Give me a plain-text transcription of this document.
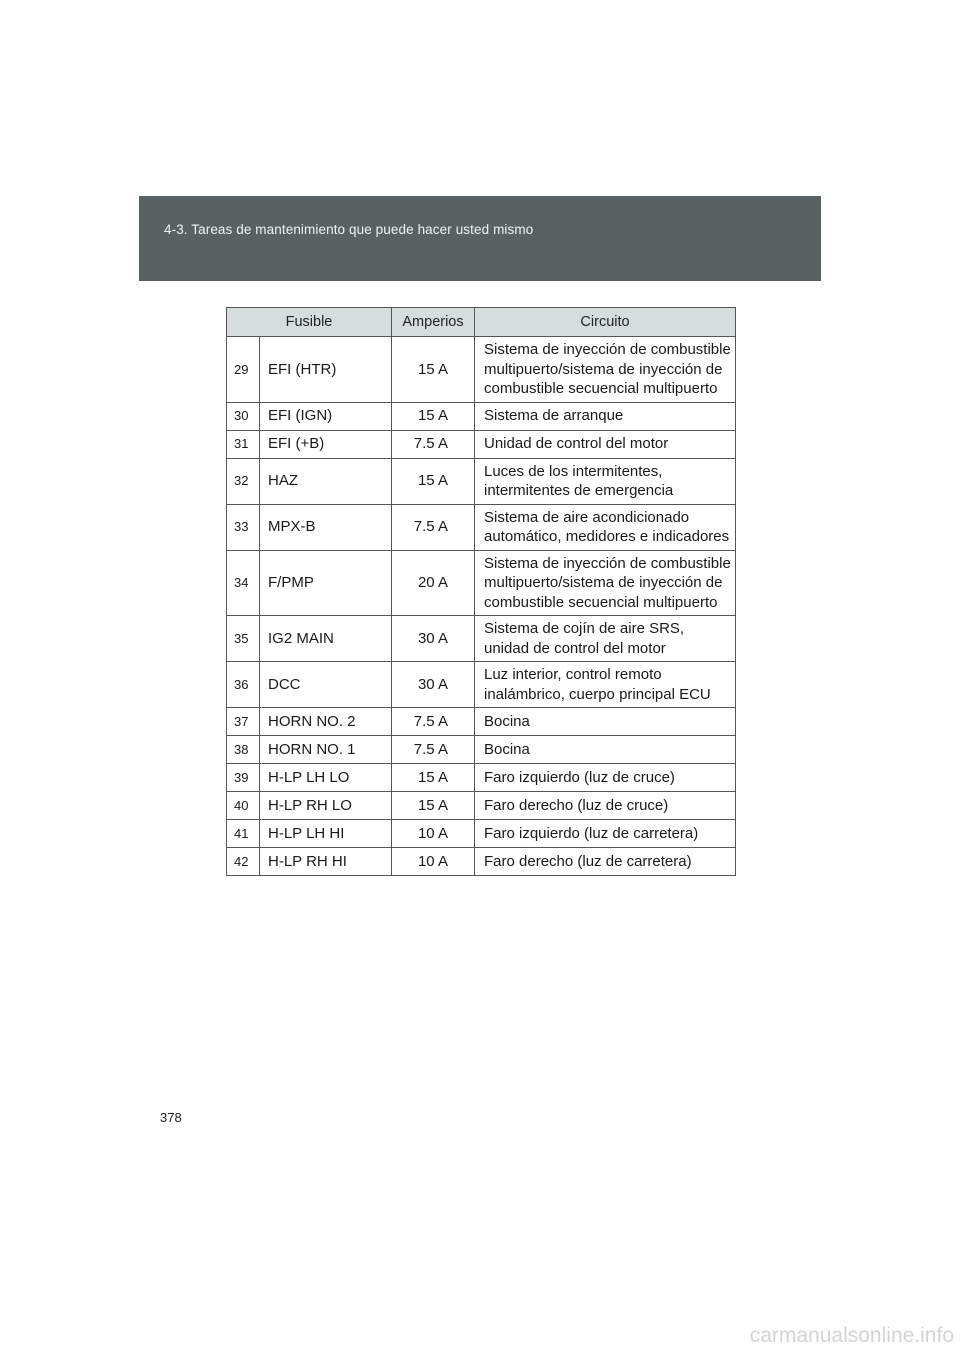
4-3. Tareas de mantenimiento que puede hacer usted mismo
Fusible		Amperios	Circuito
29	EFI (HTR)	15 A	Sistema de inyección de combustible multipuerto/sistema de inyección de combustible secuencial multipuerto
30	EFI (IGN)	15 A	Sistema de arranque
31	EFI (+B)	7.5 A	Unidad de control del motor
32	HAZ	15 A	Luces de los intermitentes, intermitentes de emergencia
33	MPX-B	7.5 A	Sistema de aire acondicionado automático, medidores e indicadores
34	F/PMP	20 A	Sistema de inyección de combustible multipuerto/sistema de inyección de combustible secuencial multipuerto
35	IG2 MAIN	30 A	Sistema de cojín de aire SRS, unidad de control del motor
36	DCC	30 A	Luz interior, control remoto inalámbrico, cuerpo principal ECU
37	HORN NO. 2	7.5 A	Bocina
38	HORN NO. 1	7.5 A	Bocina
39	H-LP LH LO	15 A	Faro izquierdo (luz de cruce)
40	H-LP RH LO	15 A	Faro derecho (luz de cruce)
41	H-LP LH HI	10 A	Faro izquierdo (luz de carretera)
42	H-LP RH HI	10 A	Faro derecho (luz de carretera)
378
carmanualsonline.info
